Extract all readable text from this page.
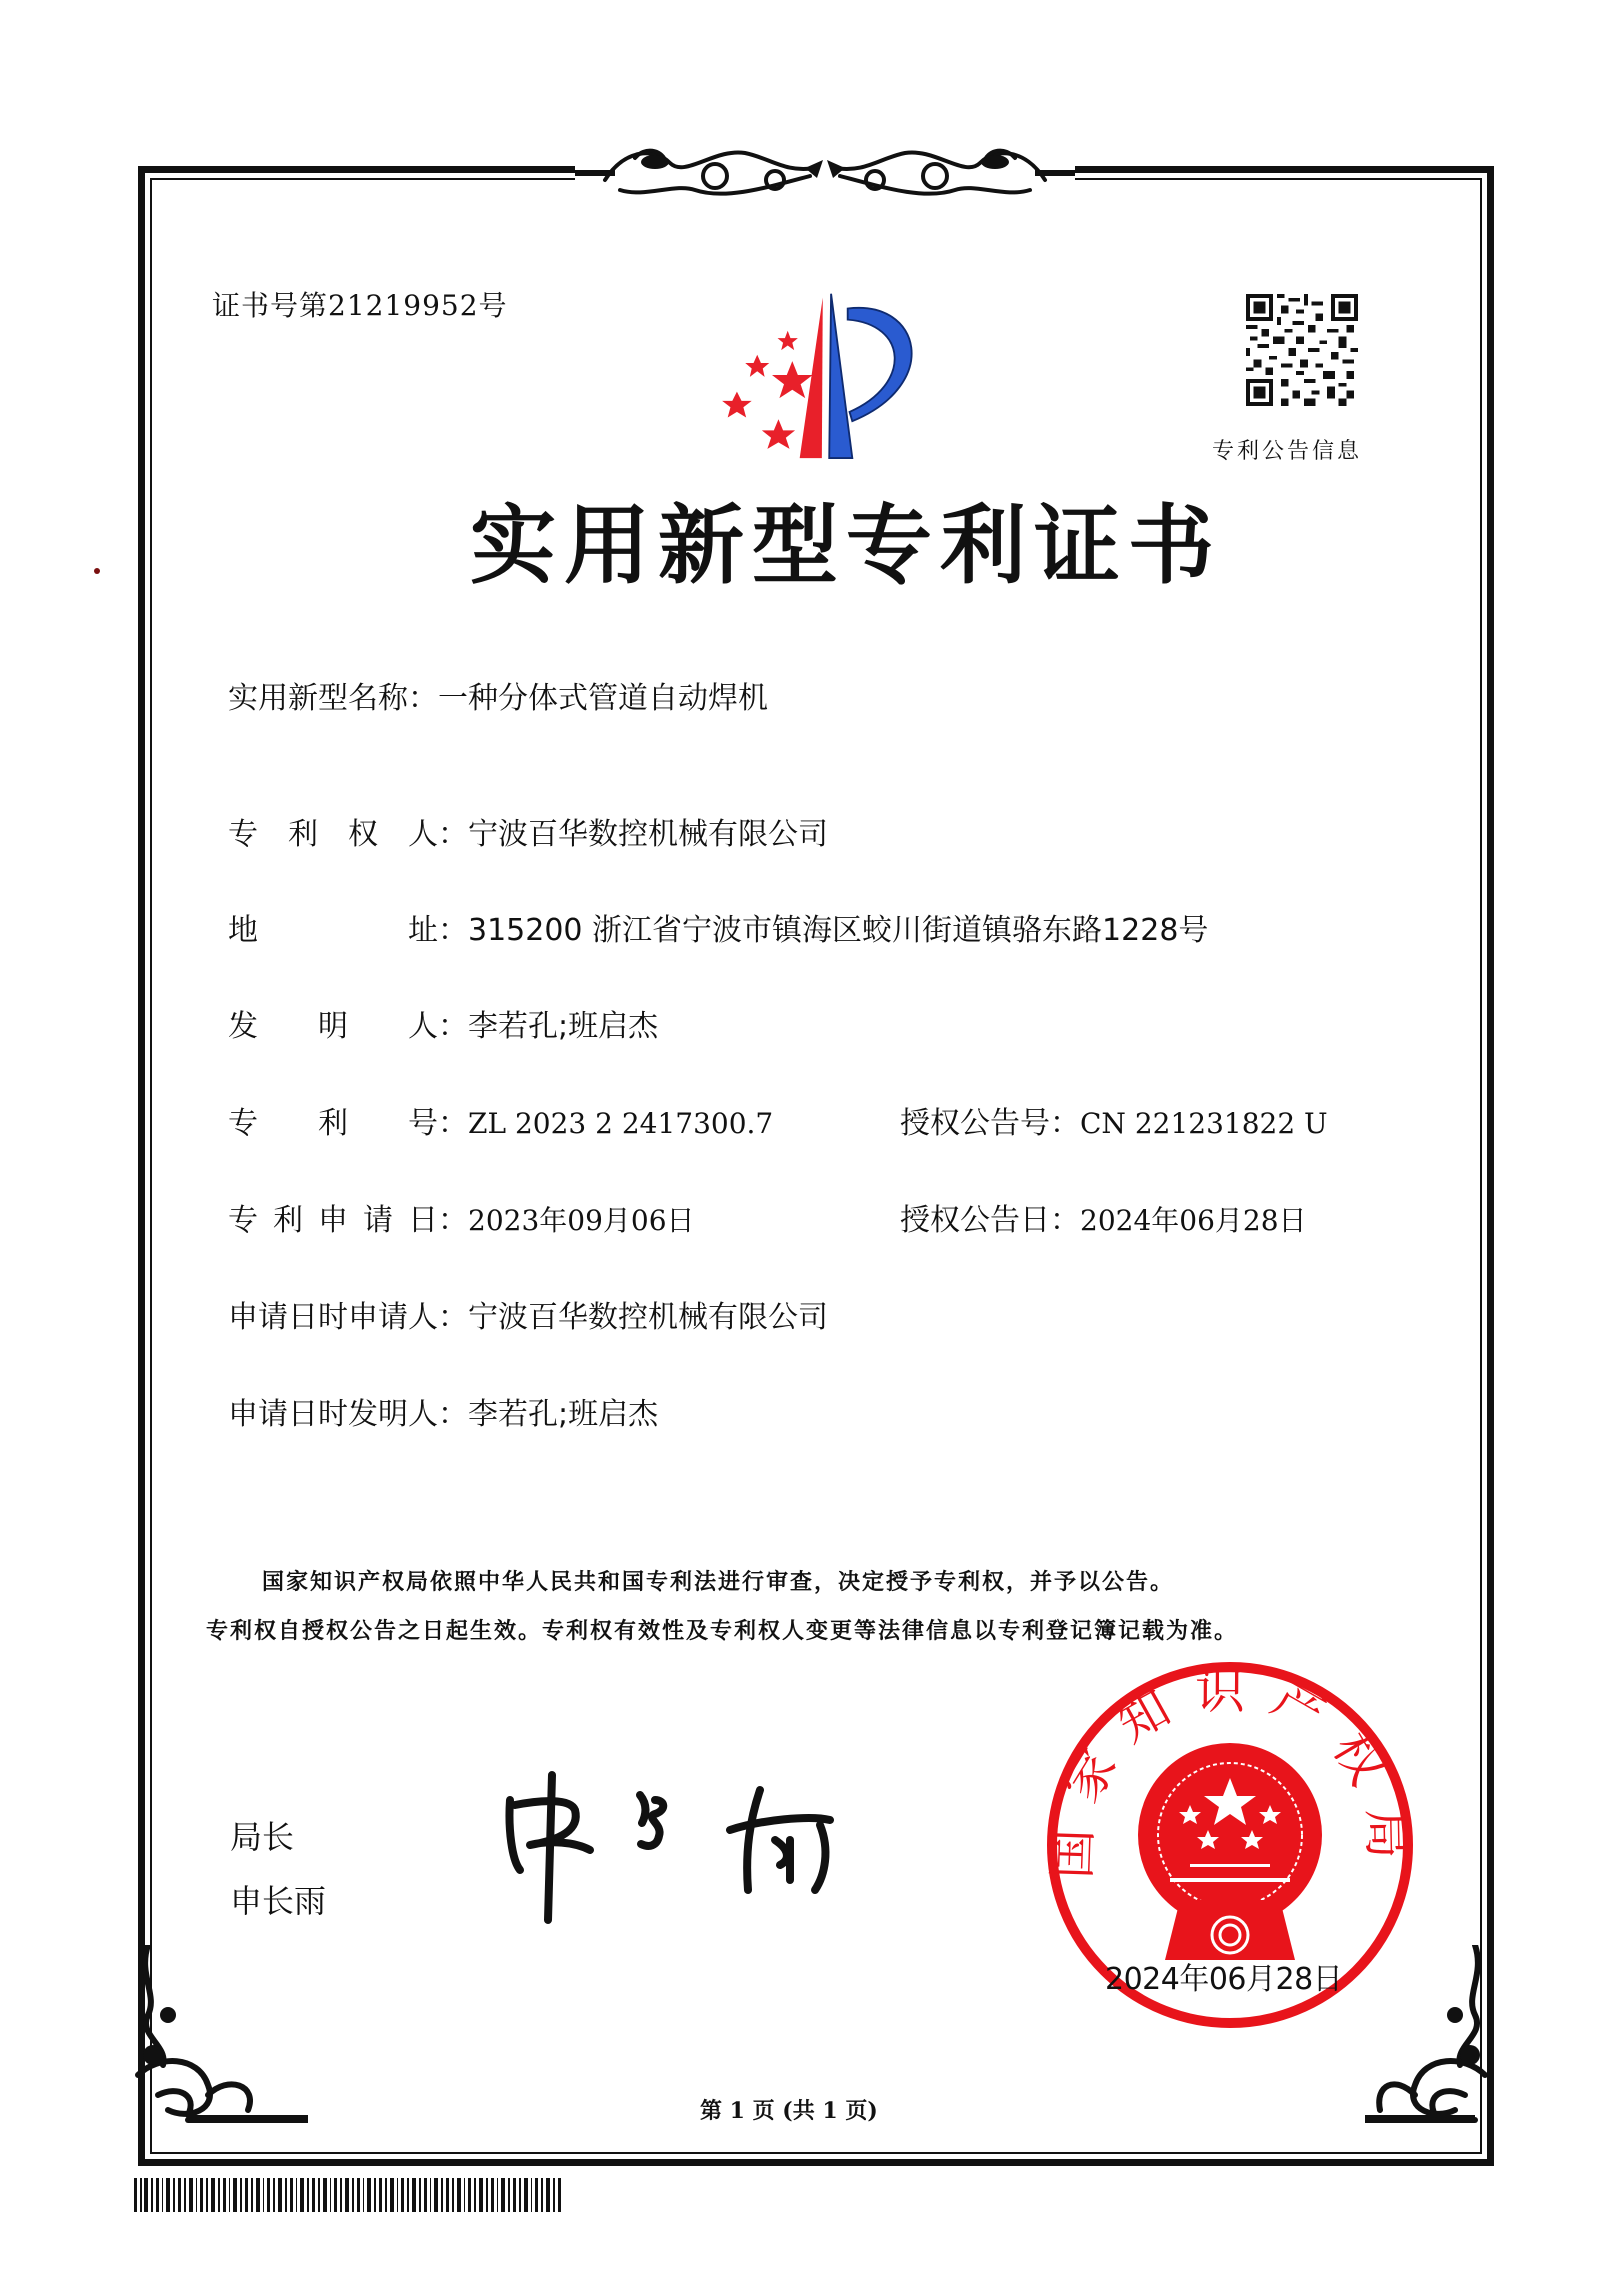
证书号第21219952号
专利公告信息
实用新型专利证书
实用新型名称：一种分体式管道自动焊机
专 利 权 人 ：宁波百华数控机械有限公司
地	址 ：315200 浙江省宁波市镇海区蛟川街道镇骆东路1228号
发 明 人 ：李若孔;班启杰
专 利 号 ：ZL 2023 2 2417300.7	授权公告号：CN 221231822 U
专 利 申 请 日 ：2023年09月06日	授权公告日：2024年06月28日
申请日时申请人：宁波百华数控机械有限公司
申请日时发明人：李若孔;班启杰
国家知识产权局依照中华人民共和国专利法进行审查，决定授予专利权，并予以公告。
专利权自授权公告之日起生效。专利权有效性及专利权人变更等法律信息以专利登记簿记载为准。
局长
申长雨
国家知识产权局
2024年06月28日
第 1 页 (共 1 页)
